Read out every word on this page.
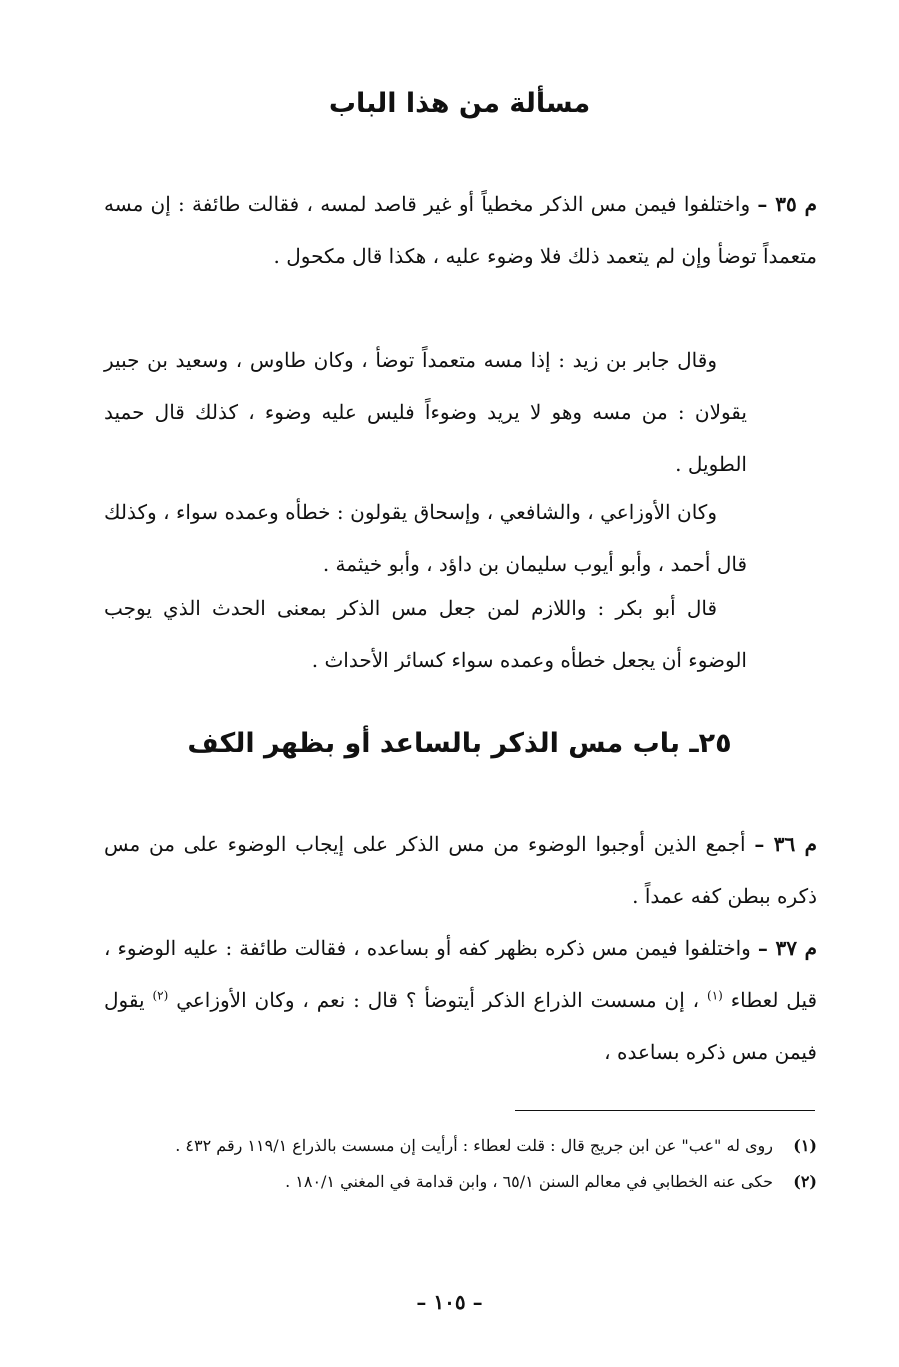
مسألة من هذا الباب

م ٣٥ – واختلفوا فيمن مس الذكر مخطياً أو غير قاصد لمسه ، فقالت طائفة : إن مسه متعمداً توضأ وإن لم يتعمد ذلك فلا وضوء عليه ، هكذا قال مكحول .

وقال جابر بن زيد : إذا مسه متعمداً توضأ ، وكان طاوس ، وسعيد بن جبير يقولان : من مسه وهو لا يريد وضوءاً فليس عليه وضوء ، كذلك قال حميد الطويل .

وكان الأوزاعي ، والشافعي ، وإسحاق يقولون : خطأه وعمده سواء ، وكذلك قال أحمد ، وأبو أيوب سليمان بن داؤد ، وأبو خيثمة .

قال أبو بكر : واللازم لمن جعل مس الذكر بمعنى الحدث الذي يوجب الوضوء أن يجعل خطأه وعمده سواء كسائر الأحداث .

٢٥ـ باب مس الذكر بالساعد أو بظهر الكف

م ٣٦ – أجمع الذين أوجبوا الوضوء من مس الذكر على إيجاب الوضوء على من مس ذكره ببطن كفه عمداً .

م ٣٧ – واختلفوا فيمن مس ذكره بظهر كفه أو بساعده ، فقالت طائفة : عليه الوضوء ، قيل لعطاء $^{(١)}$ ، إن مسست الذراع الذكر أيتوضأ ؟ قال : نعم ، وكان الأوزاعي $^{(٢)}$ يقول فيمن مس ذكره بساعده ،

(١)روى له "عب" عن ابن جريج قال : قلت لعطاء : أرأيت إن مسست بالذراع ١١٩/١ رقم ٤٣٢ .

(٢)حكى عنه الخطابي في معالم السنن ٦٥/١ ، وابن قدامة في المغني ١٨٠/١ .

– ١٠٥ –
